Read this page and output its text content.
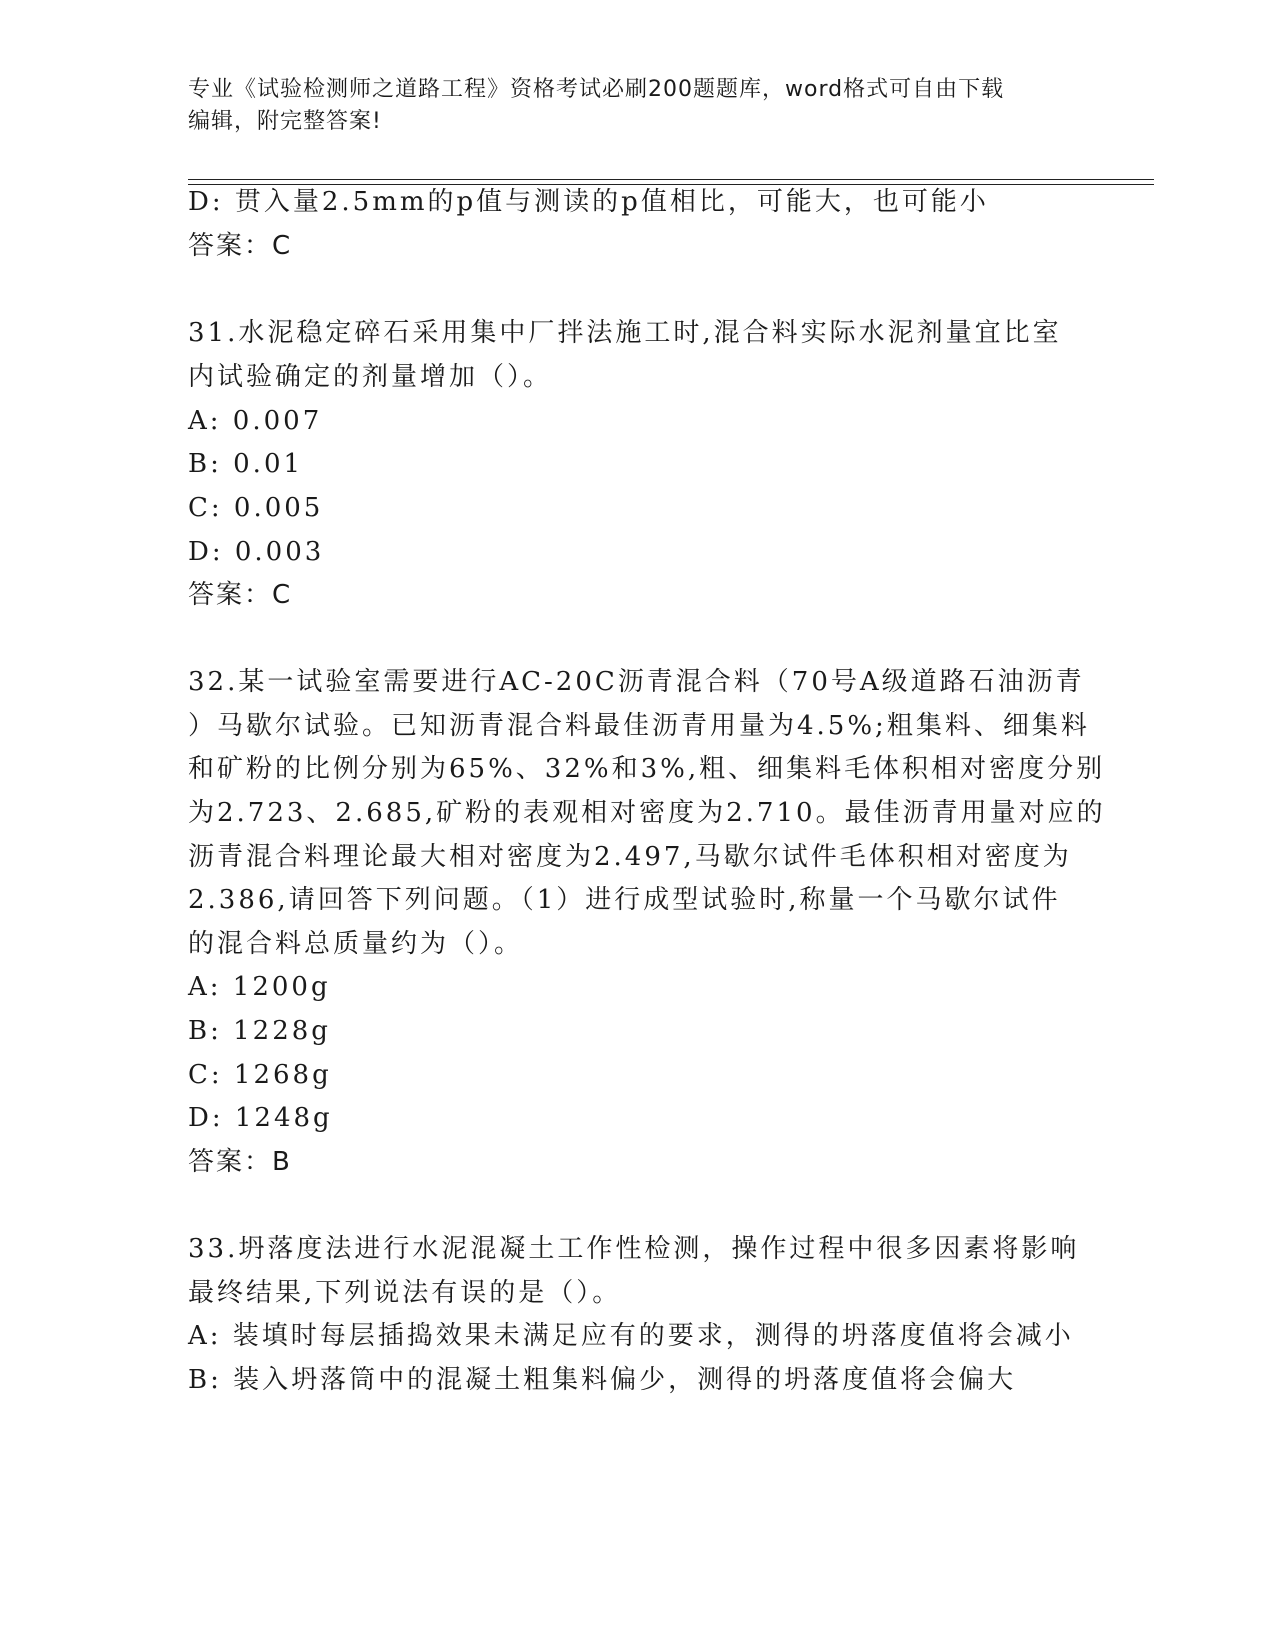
专业《试验检测师之道路工程》资格考试必刷200题题库，word格式可自由下载
编辑，附完整答案!
D: 贯入量2.5mm的p值与测读的p值相比，可能大，也可能小
答案：C
31.水泥稳定碎石采用集中厂拌法施工时,混合料实际水泥剂量宜比室
内试验确定的剂量增加（）。
A: 0.007
B: 0.01
C: 0.005
D: 0.003
答案：C
32.某一试验室需要进行AC-20C沥青混合料（70号A级道路石油沥青
）马歇尔试验。已知沥青混合料最佳沥青用量为4.5%;粗集料、细集料
和矿粉的比例分别为65%、32%和3%,粗、细集料毛体积相对密度分别
为2.723、2.685,矿粉的表观相对密度为2.710。最佳沥青用量对应的
沥青混合料理论最大相对密度为2.497,马歇尔试件毛体积相对密度为
2.386,请回答下列问题。（1）进行成型试验时,称量一个马歇尔试件
的混合料总质量约为（）。
A: 1200g
B: 1228g
C: 1268g
D: 1248g
答案：B
33.坍落度法进行水泥混凝土工作性检测，操作过程中很多因素将影响
最终结果,下列说法有误的是（）。
A: 装填时每层插捣效果未满足应有的要求，测得的坍落度值将会减小
B: 装入坍落筒中的混凝土粗集料偏少，测得的坍落度值将会偏大
